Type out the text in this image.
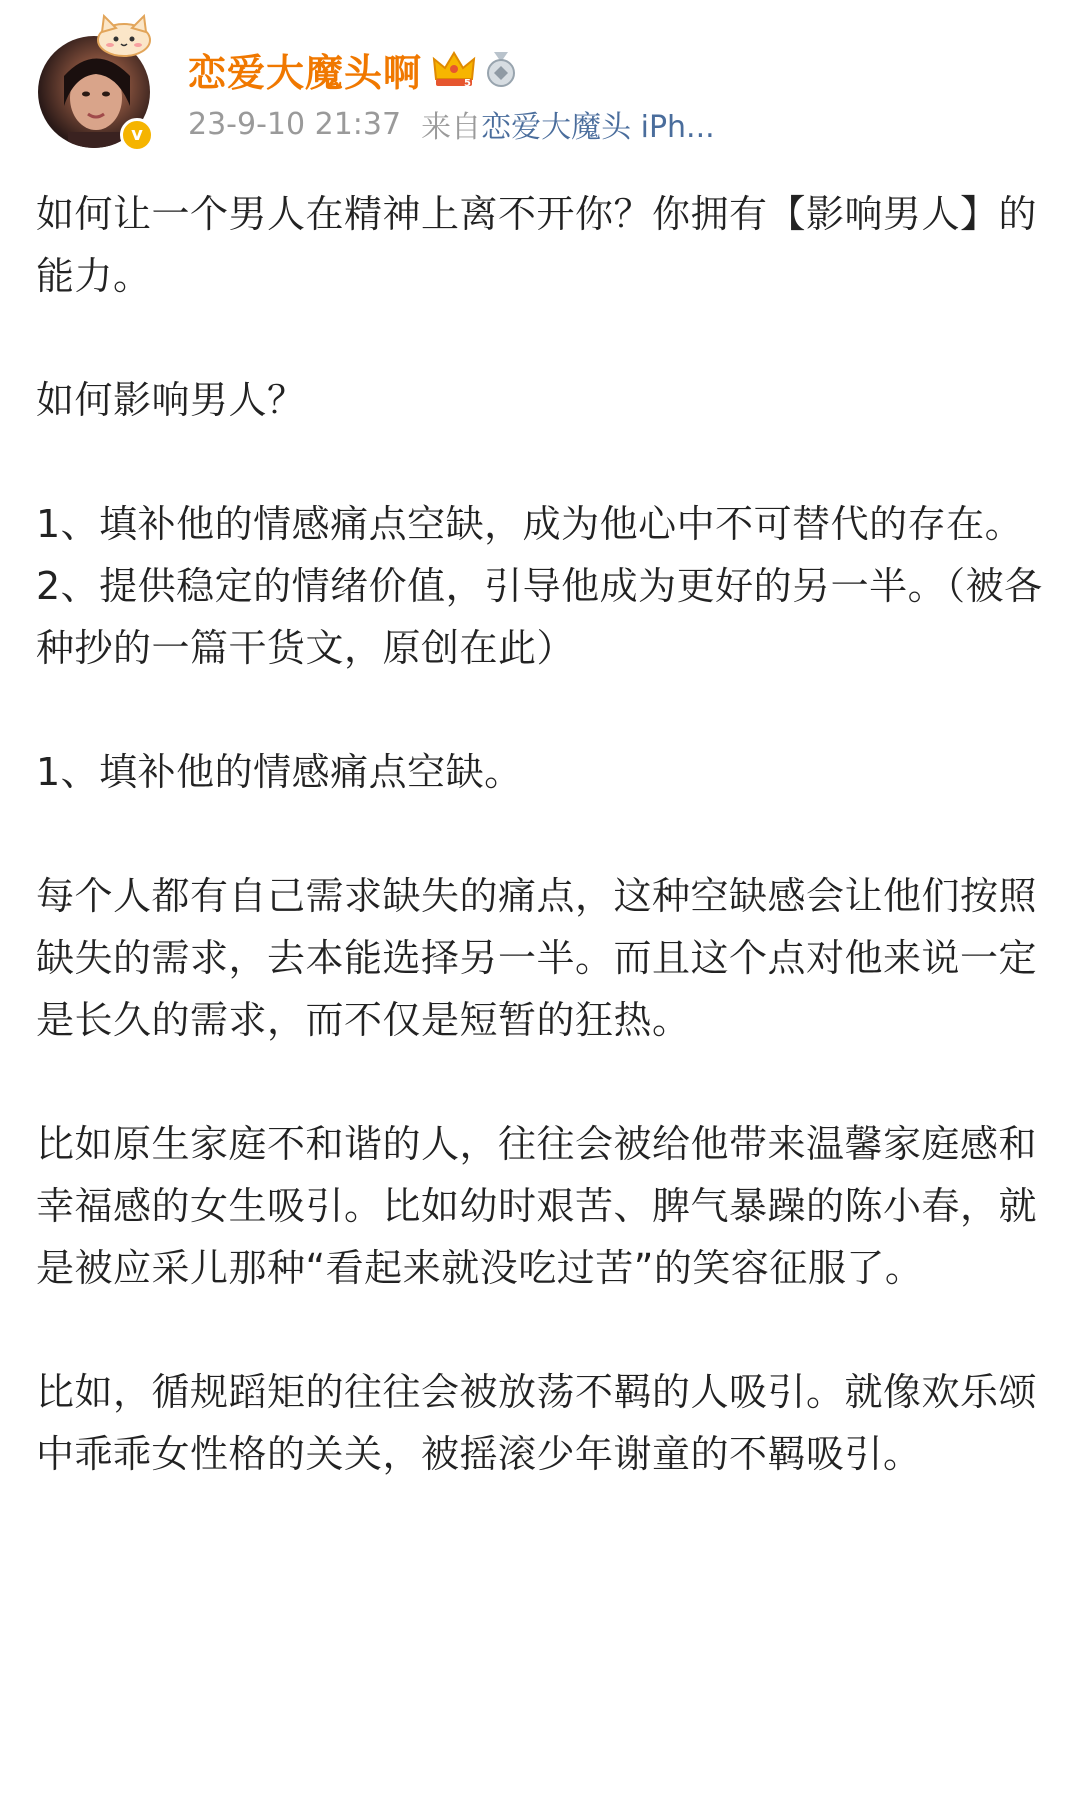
v
恋爱大魔头啊	5
23-9-10 21:37 来自 恋爱大魔头 iPh...

如何让一个男人在精神上离不开你？你拥有【影响男人】的能力。

如何影响男人？

1、填补他的情感痛点空缺，成为他心中不可替代的存在。

2、提供稳定的情绪价值，引导他成为更好的另一半。（被各种抄的一篇干货文，原创在此）

1、填补他的情感痛点空缺。

每个人都有自己需求缺失的痛点，这种空缺感会让他们按照缺失的需求，去本能选择另一半。而且这个点对他来说一定是长久的需求，而不仅是短暂的狂热。

比如原生家庭不和谐的人，往往会被给他带来温馨家庭感和幸福感的女生吸引。比如幼时艰苦、脾气暴躁的陈小春，就是被应采儿那种“看起来就没吃过苦”的笑容征服了。

比如，循规蹈矩的往往会被放荡不羁的人吸引。就像欢乐颂中乖乖女性格的关关，被摇滚少年谢童的不羁吸引。
